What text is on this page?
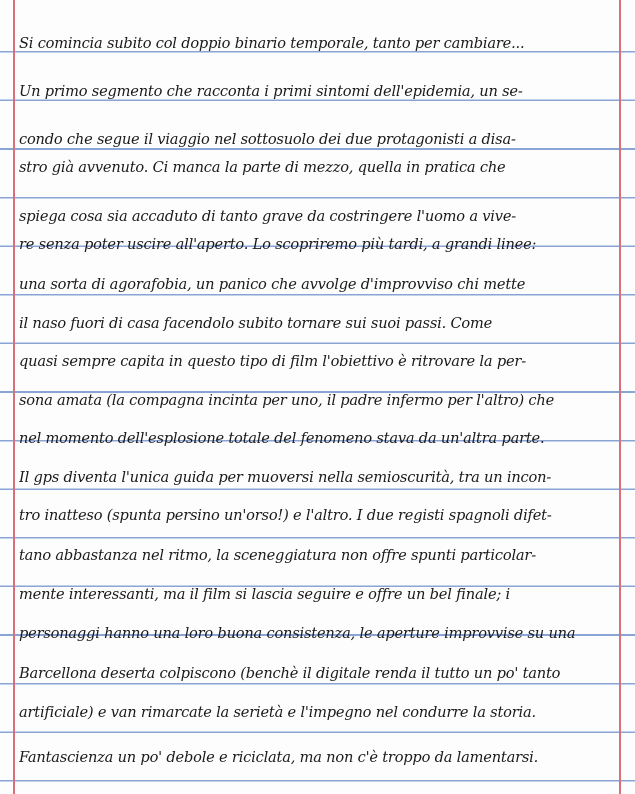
Si comincia subito col doppio binario temporale, tanto per cambiare...
Un primo segmento che racconta i primi sintomi dell'epidemia, un se-
condo che segue il viaggio nel sottosuolo dei due protagonisti a disa-
stro già avvenuto. Ci manca la parte di mezzo, quella in pratica che
spiega cosa sia accaduto di tanto grave da costringere l'uomo a vive-
re senza poter uscire all'aperto. Lo scopriremo più tardi, a grandi linee:
una sorta di agorafobia, un panico che avvolge d'improvviso chi mette
il naso fuori di casa facendolo subito tornare sui suoi passi. Come
quasi sempre capita in questo tipo di film l'obiettivo è ritrovare la per-
sona amata (la compagna incinta per uno, il padre infermo per l'altro) che
nel momento dell'esplosione totale del fenomeno stava da un'altra parte.
Il gps diventa l'unica guida per muoversi nella semioscurità, tra un incon-
tro inatteso (spunta persino un'orso!) e l'altro. I due registi spagnoli difet-
tano abbastanza nel ritmo, la sceneggiatura non offre spunti particolar-
mente interessanti, ma il film si lascia seguire e offre un bel finale; i
personaggi hanno una loro buona consistenza, le aperture improvvise su una
Barcellona deserta colpiscono (benchè il digitale renda il tutto un po' tanto
artificiale) e van rimarcate la serietà e l'impegno nel condurre la storia.
Fantascienza un po' debole e riciclata, ma non c'è troppo da lamentarsi.
